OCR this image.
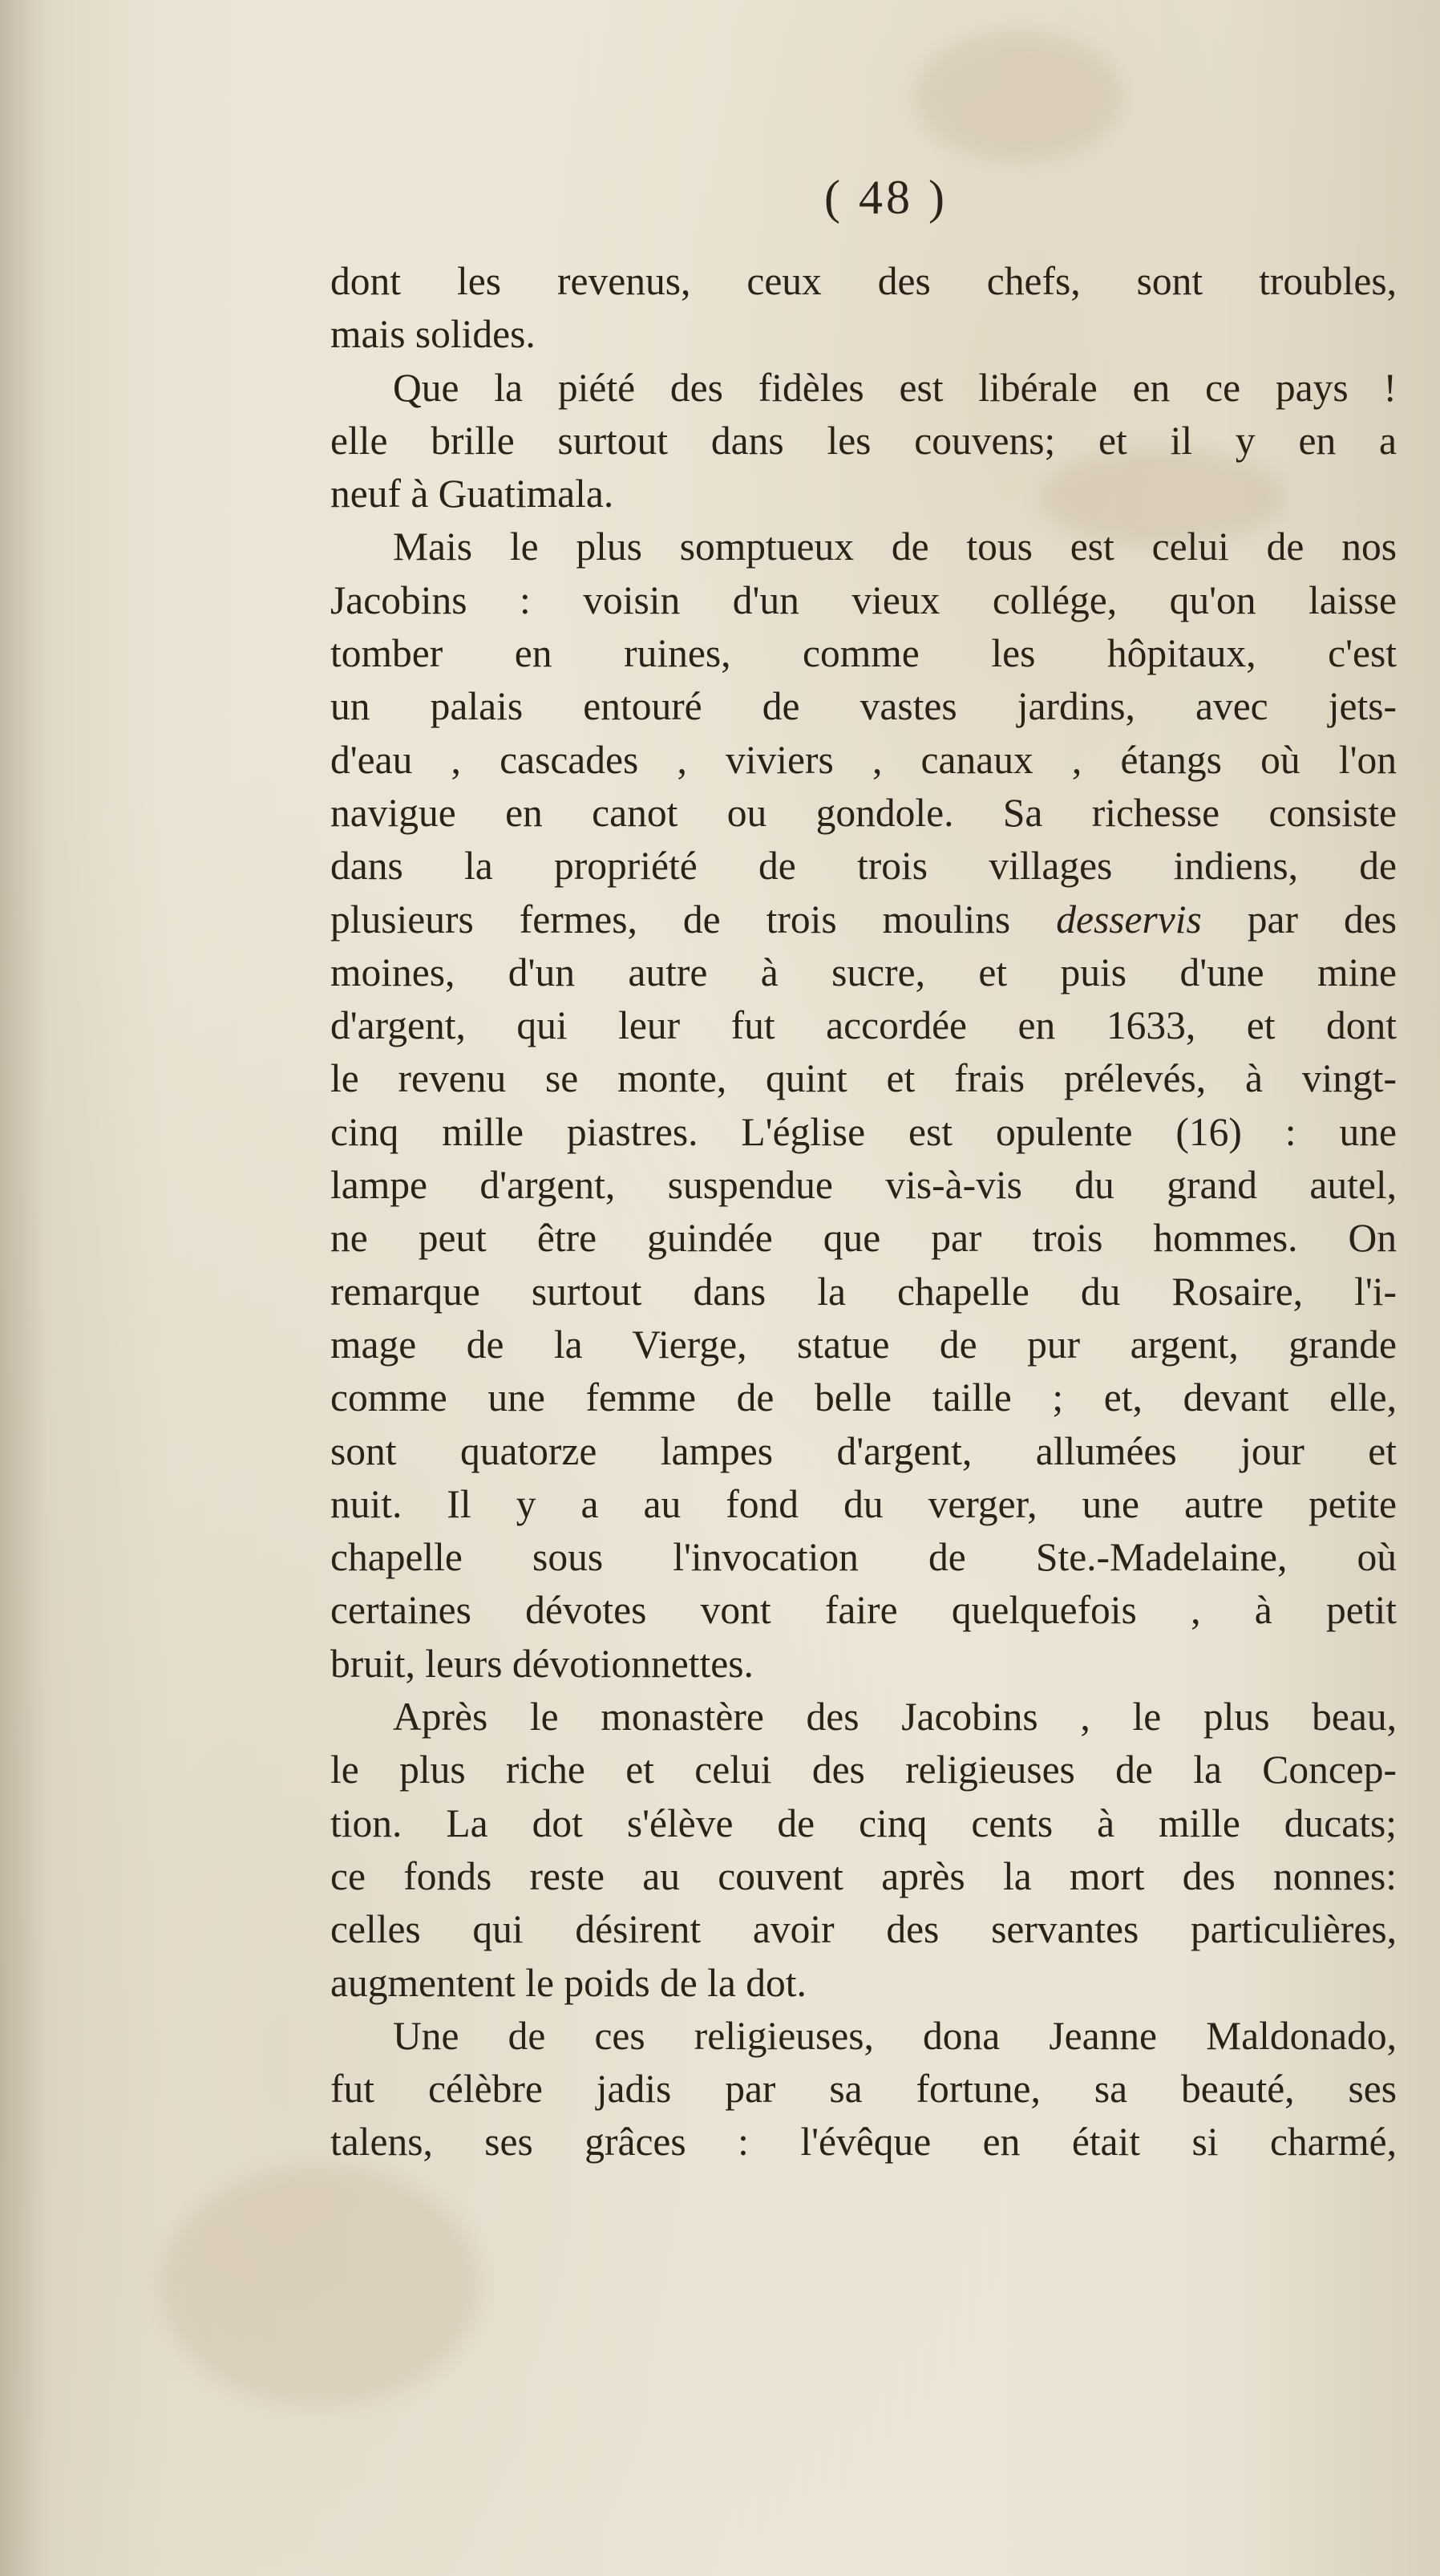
( 48 )
dont les revenus, ceux des chefs, sont troubles,
mais solides.
Que la piété des fidèles est libérale en ce pays !
elle brille surtout dans les couvens; et il y en a
neuf à Guatimala.
Mais le plus somptueux de tous est celui de nos
Jacobins : voisin d'un vieux collége, qu'on laisse
tomber en ruines, comme les hôpitaux, c'est
un palais entouré de vastes jardins, avec jets-
d'eau , cascades , viviers , canaux , étangs où l'on
navigue en canot ou gondole. Sa richesse consiste
dans la propriété de trois villages indiens, de
plusieurs fermes, de trois moulins desservis par des
moines, d'un autre à sucre, et puis d'une mine
d'argent, qui leur fut accordée en 1633, et dont
le revenu se monte, quint et frais prélevés, à vingt-
cinq mille piastres. L'église est opulente (16) : une
lampe d'argent, suspendue vis-à-vis du grand autel,
ne peut être guindée que par trois hommes. On
remarque surtout dans la chapelle du Rosaire, l'i-
mage de la Vierge, statue de pur argent, grande
comme une femme de belle taille ; et, devant elle,
sont quatorze lampes d'argent, allumées jour et
nuit. Il y a au fond du verger, une autre petite
chapelle sous l'invocation de Ste.-Madelaine, où
certaines dévotes vont faire quelquefois , à petit
bruit, leurs dévotionnettes.
Après le monastère des Jacobins , le plus beau,
le plus riche et celui des religieuses de la Concep-
tion. La dot s'élève de cinq cents à mille ducats;
ce fonds reste au couvent après la mort des nonnes:
celles qui désirent avoir des servantes particulières,
augmentent le poids de la dot.
Une de ces religieuses, dona Jeanne Maldonado,
fut célèbre jadis par sa fortune, sa beauté, ses
talens, ses grâces : l'évêque en était si charmé,
